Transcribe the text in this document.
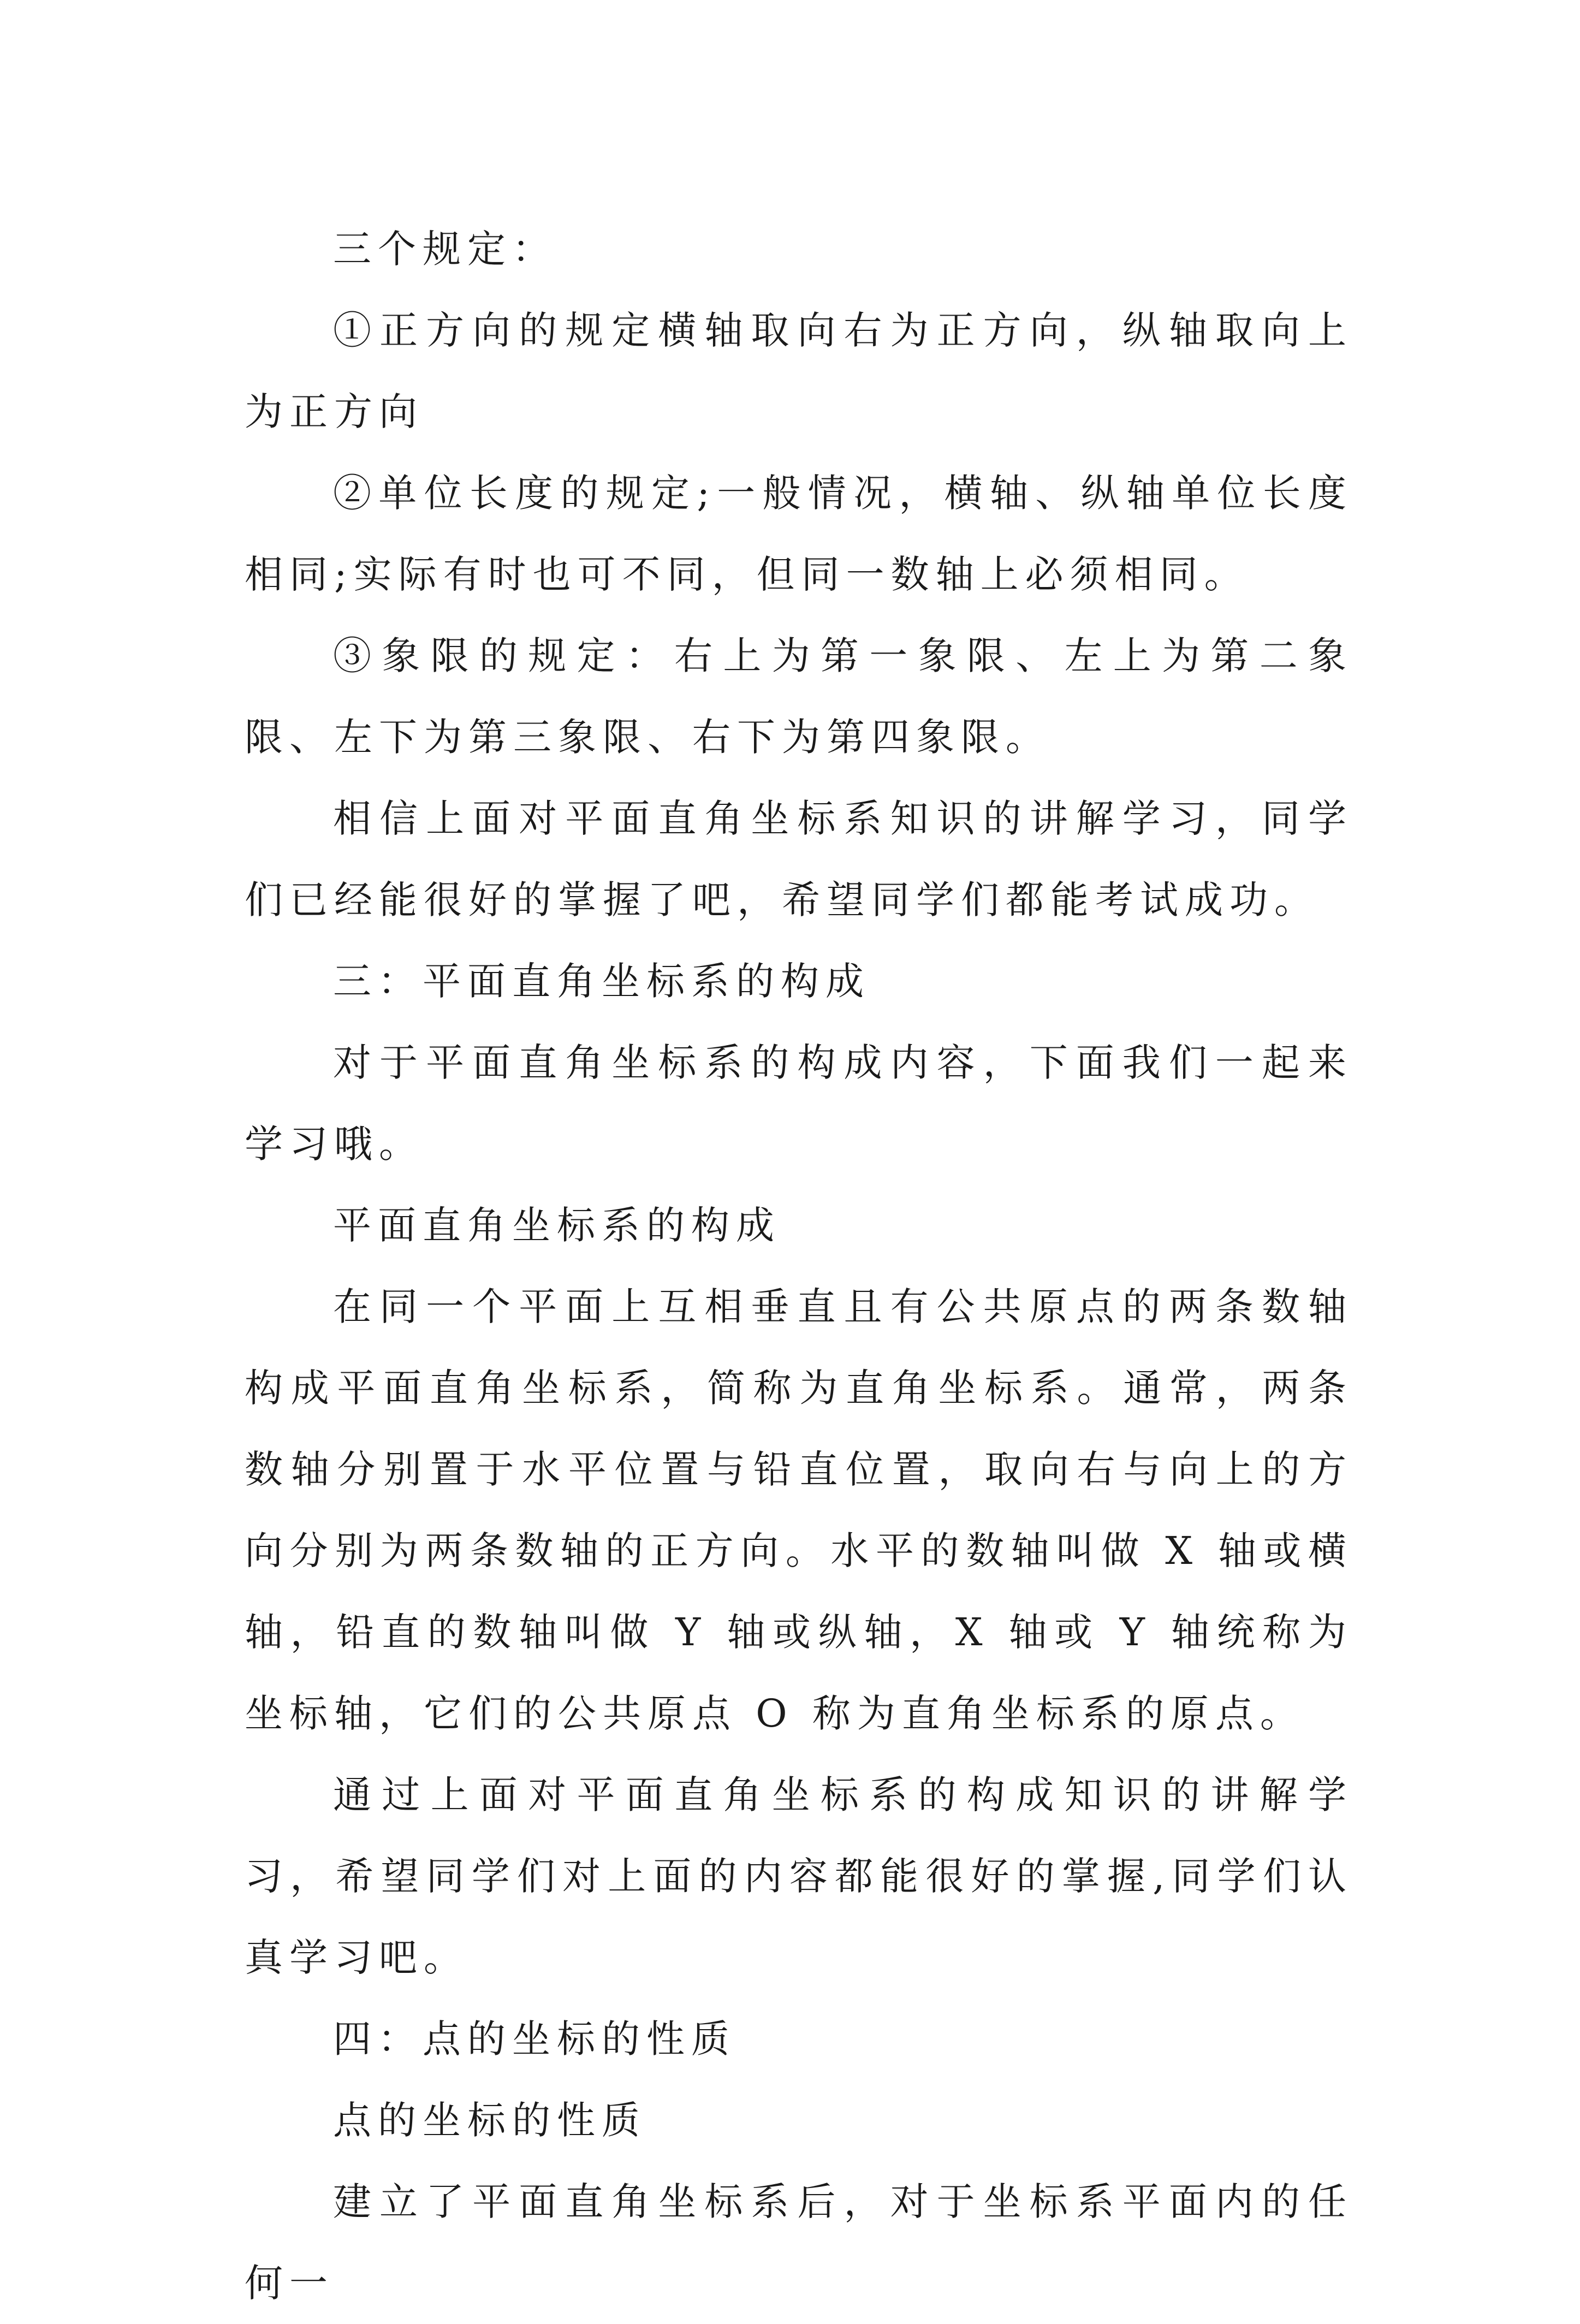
三个规定：

①正方向的规定横轴取向右为正方向，纵轴取向上为正方向

②单位长度的规定;一般情况，横轴、纵轴单位长度相同;实际有时也可不同，但同一数轴上必须相同。

③象限的规定：右上为第一象限、左上为第二象限、左下为第三象限、右下为第四象限。

相信上面对平面直角坐标系知识的讲解学习，同学们已经能很好的掌握了吧，希望同学们都能考试成功。

三：平面直角坐标系的构成

对于平面直角坐标系的构成内容，下面我们一起来学习哦。

平面直角坐标系的构成

在同一个平面上互相垂直且有公共原点的两条数轴构成平面直角坐标系，简称为直角坐标系。通常，两条数轴分别置于水平位置与铅直位置，取向右与向上的方向分别为两条数轴的正方向。水平的数轴叫做 X 轴或横轴，铅直的数轴叫做 Y 轴或纵轴，X 轴或 Y 轴统称为坐标轴，它们的公共原点 O 称为直角坐标系的原点。

通过上面对平面直角坐标系的构成知识的讲解学习，希望同学们对上面的内容都能很好的掌握,同学们认真学习吧。

四：点的坐标的性质

点的坐标的性质

建立了平面直角坐标系后，对于坐标系平面内的任何一
